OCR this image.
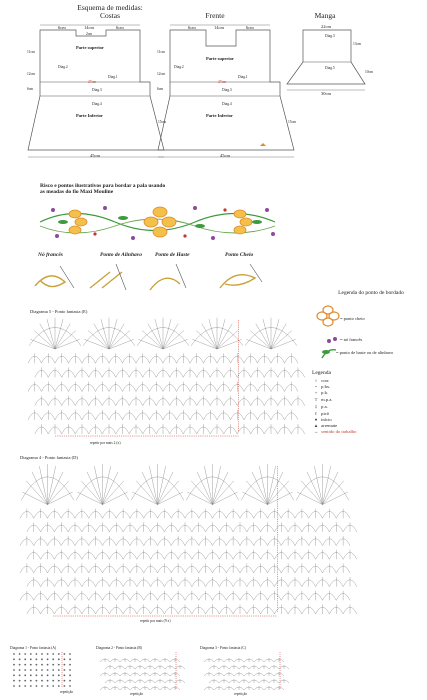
Esquema de medidas:
Costas	Frente	Manga
6cm	14cm	6cm
2cm
Parte superior
Diag.2
Diag.1
27cm
Diag.3
Diag.4
Parte Inferior
11cm
12cm
6cm
15cm
45cm
6cm	14cm	6cm
Parte superior
Diag.2
Diag.1
27cm
Diag.3
Diag.4
Parte Inferior
11cm
12cm
6cm
15cm
45cm
22cm
Diag.3
Diag.5
13cm
10cm
30cm
Risco e pontos ilustrativos para bordar a pala usando
as meadas do fio Maxi Mouline
Nó francês	Ponto de Alinhavo Ponto de Haste	Ponto Cheio
Legenda do ponto de bordado
= ponto cheio
= nó francês
= ponto de haste ou de alinhavo
Legenda
○ corr.
• p.bx.
+ p.b.
T m.p.a.
‡ p.a.
ℓ picô
● início
▲ arremate
→ sentido do trabalho
Diagrama 5 - Ponto fantasia (E)
repetir por mais 2 (x)
Diagrama 4 - Ponto fantasia (D)
repetir por mais (9 x)
Diagrama 1 - Ponto fantasia (A)
repetição
Diagrama 2 - Ponto fantasia (B)
repetição
Diagrama 3 - Ponto fantasia (C)
repetição
